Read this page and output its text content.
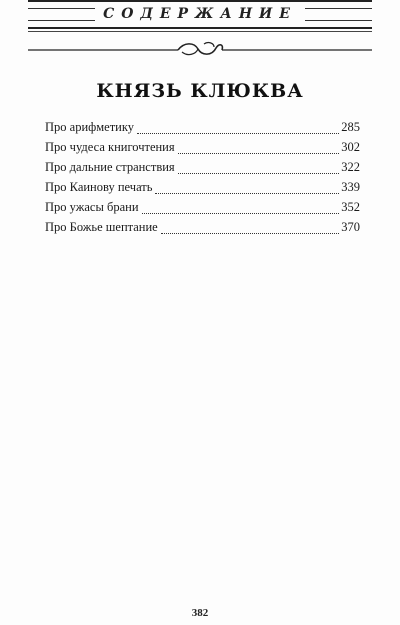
СОДЕРЖАНИЕ
КНЯЗЬ КЛЮКВА
Про арифметику	285
Про чудеса книгочтения	302
Про дальние странствия	322
Про Каинову печать	339
Про ужасы брани	352
Про Божье шептание	370
382
